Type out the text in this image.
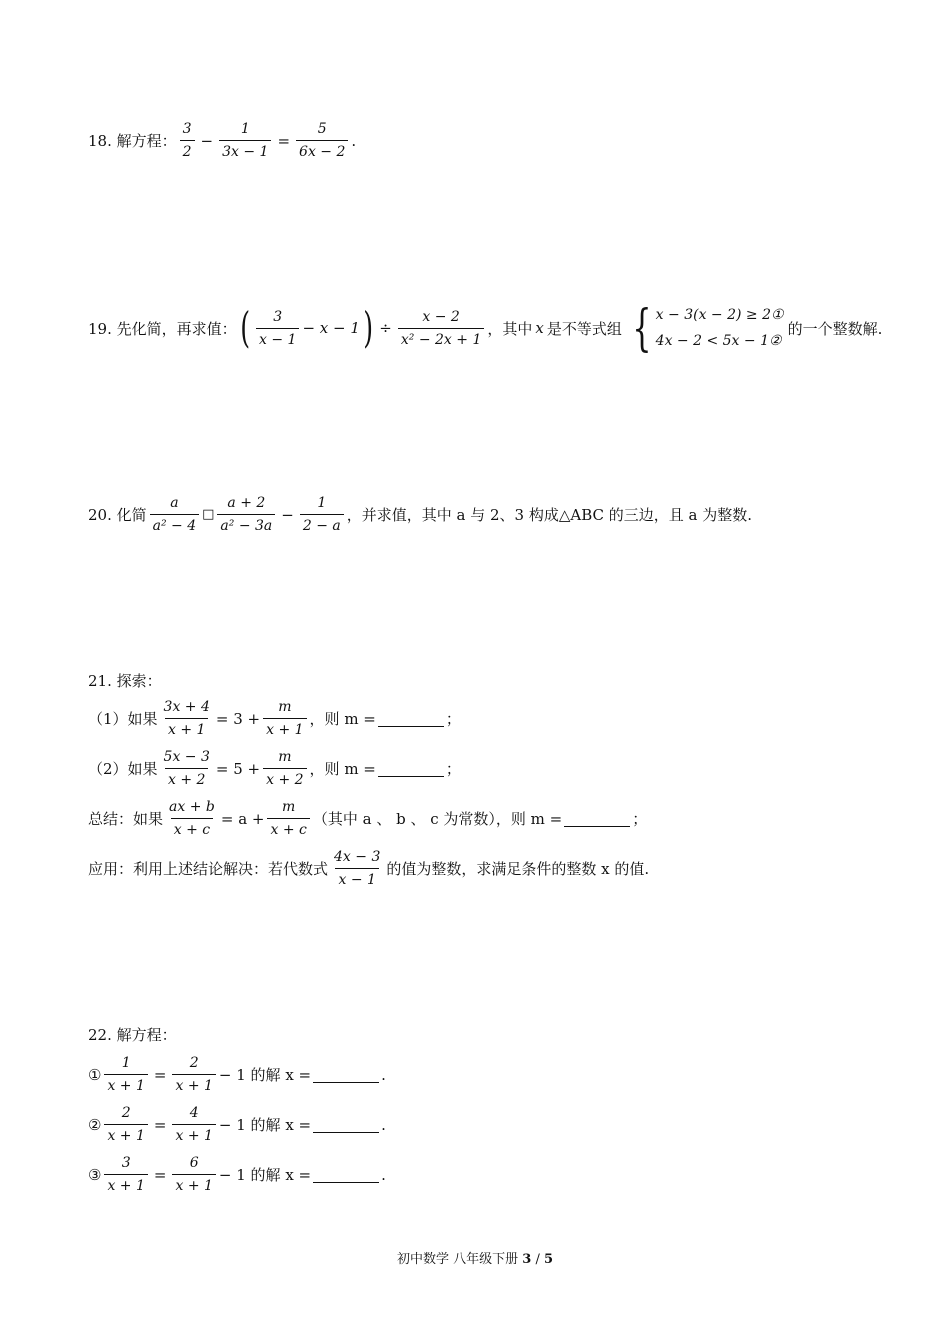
18. 解方程： $\frac{3}{2} - \frac{1}{3x - 1} = \frac{5}{6x - 2}$ .
19. 先化简，再求值： ( $\frac{3}{x - 1} - x - 1$ ) ÷ $\frac{x - 2}{\text{x² − 2x + 1}}$ ，其中 x 是不等式组 { x − 3(x − 2) ≥ 2①
4x − 2 < 5x − 1②
的一个整数解.
20. 化简 $\frac{a}{\text{a² − 4}}$ □ $\frac{a + 2}{\text{a² − 3a}} - \frac{1}{2 - a}$ ，并求值，其中 a 与 2、3 构成△ABC 的三边，且 a 为整数.
21. 探索：
（1）如果 $\frac{3x + 4}{x + 1} = 3 + \frac{m}{x + 1}$ ，则 m =	；
（2）如果 $\frac{5x - 3}{x + 2} = 5 + \frac{m}{x + 2}$ ，则 m =	；
总结：如果 $\frac{ax + b}{x + c} = a + \frac{m}{x + c}$ （其中 a 、 b 、 c 为常数），则 m =	；
应用：利用上述结论解决：若代数式 $\frac{4x - 3}{x - 1}$ 的值为整数，求满足条件的整数 x 的值.
22. 解方程：
① $\frac{1}{x + 1} = \frac{2}{x + 1} - 1$ 的解 x =	.
② $\frac{2}{x + 1} = \frac{4}{x + 1} - 1$ 的解 x =	.
③ $\frac{3}{x + 1} = \frac{6}{x + 1} - 1$ 的解 x =	.
初中数学 八年级下册 3 / 5
